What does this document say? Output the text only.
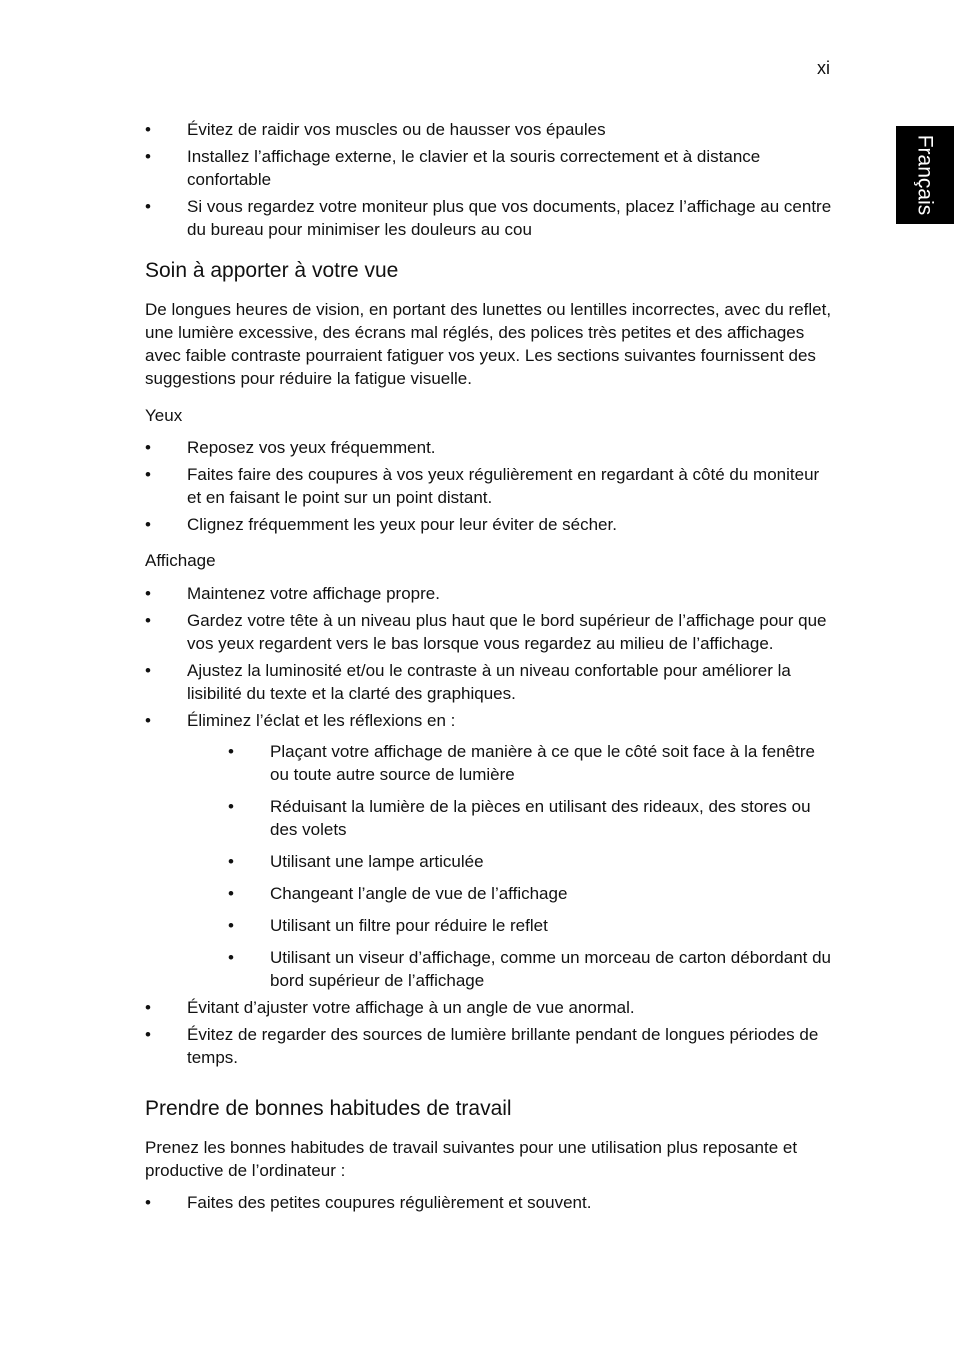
xi
Français
• Évitez de raidir vos muscles ou de hausser vos épaules
• Installez l’affichage externe, le clavier et la souris correctement et à distance confortable
• Si vous regardez votre moniteur plus que vos documents, placez l’affichage au centre du bureau pour minimiser les douleurs au cou
Soin à apporter à votre vue

De longues heures de vision, en portant des lunettes ou lentilles incorrectes, avec du reflet, une lumière excessive, des écrans mal réglés, des polices très petites et des affichages avec faible contraste pourraient fatiguer vos yeux. Les sections suivantes fournissent des suggestions pour réduire la fatigue visuelle.

Yeux

• Reposez vos yeux fréquemment.
• Faites faire des coupures à vos yeux régulièrement en regardant à côté du moniteur et en faisant le point sur un point distant.
• Clignez fréquemment les yeux pour leur éviter de sécher.

Affichage

• Maintenez votre affichage propre.
• Gardez votre tête à un niveau plus haut que le bord supérieur de l’affichage pour que vos yeux regardent vers le bas lorsque vous regardez au milieu de l’affichage.
• Ajustez la luminosité et/ou le contraste à un niveau confortable pour améliorer la lisibilité du texte et la clarté des graphiques.
• Éliminez l’éclat et les réflexions en :
• Plaçant votre affichage de manière à ce que le côté soit face à la fenêtre ou toute autre source de lumière
• Réduisant la lumière de la pièces en utilisant des rideaux, des stores ou des volets
• Utilisant une lampe articulée
• Changeant l’angle de vue de l’affichage
• Utilisant un filtre pour réduire le reflet
• Utilisant un viseur d’affichage, comme un morceau de carton débordant du bord supérieur de l’affichage
• Évitant d’ajuster votre affichage à un angle de vue anormal.
• Évitez de regarder des sources de lumière brillante pendant de longues périodes de temps.
Prendre de bonnes habitudes de travail

Prenez les bonnes habitudes de travail suivantes pour une utilisation plus reposante et productive de l’ordinateur :

• Faites des petites coupures régulièrement et souvent.
